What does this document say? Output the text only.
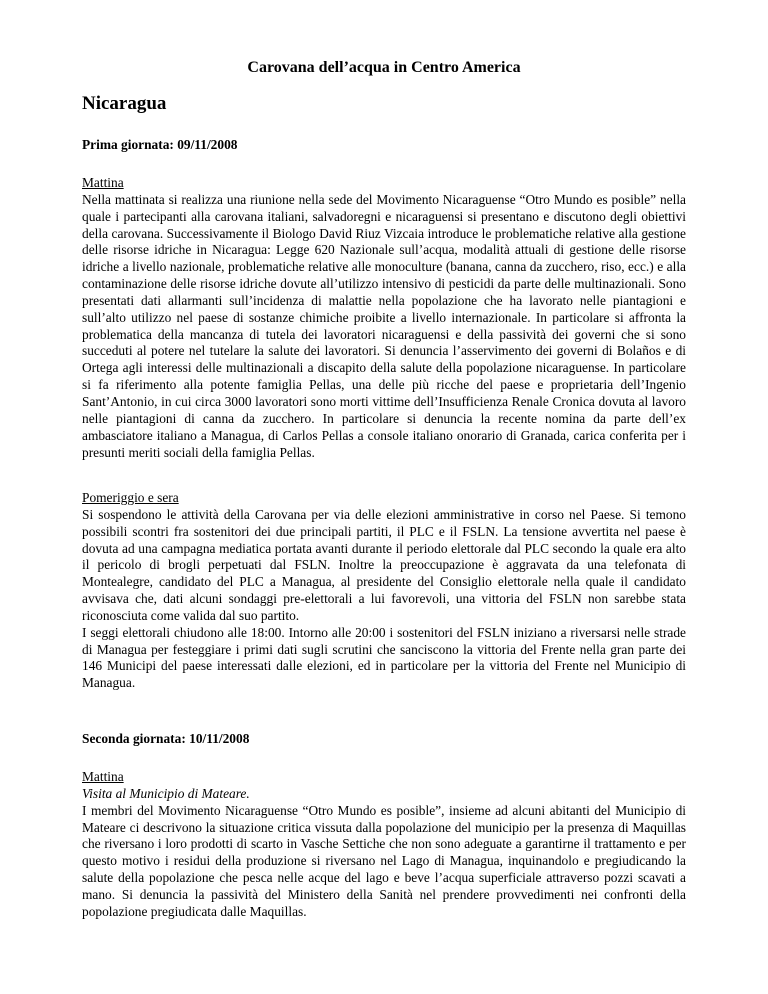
Carovana dell’acqua in Centro America
Nicaragua
Prima giornata: 09/11/2008

Mattina

Nella mattinata si realizza una riunione nella sede del Movimento Nicaraguense “Otro Mundo es posible” nella quale i partecipanti alla carovana italiani, salvadoregni e nicaraguensi si presentano e discutono degli obiettivi della carovana. Successivamente il Biologo David Riuz Vizcaia introduce le problematiche relative alla gestione delle risorse idriche in Nicaragua: Legge 620 Nazionale sull’acqua, modalità attuali di gestione delle risorse idriche a livello nazionale, problematiche relative alle monoculture (banana, canna da zucchero, riso, ecc.) e alla contaminazione delle risorse idriche dovute all’utilizzo intensivo di pesticidi da parte delle multinazionali. Sono presentati dati allarmanti sull’incidenza di malattie nella popolazione che ha lavorato nelle piantagioni e sull’alto utilizzo nel paese di sostanze chimiche proibite a livello internazionale. In particolare si affronta la problematica della mancanza di tutela dei lavoratori nicaraguensi e della passività dei governi che si sono succeduti al potere nel tutelare la salute dei lavoratori. Si denuncia l’asservimento dei governi di Bolaños e di Ortega agli interessi delle multinazionali a discapito della salute della popolazione nicaraguense. In particolare si fa riferimento alla potente famiglia Pellas, una delle più ricche del paese e proprietaria dell’Ingenio Sant’Antonio, in cui circa 3000 lavoratori sono morti vittime dell’Insufficienza Renale Cronica dovuta al lavoro nelle piantagioni di canna da zucchero. In particolare si denuncia la recente nomina da parte dell’ex ambasciatore italiano a Managua, di Carlos Pellas a console italiano onorario di Granada, carica conferita per i presunti meriti sociali della famiglia Pellas.

Pomeriggio e sera

Si sospendono le attività della Carovana per via delle elezioni amministrative in corso nel Paese. Si temono possibili scontri fra sostenitori dei due principali partiti, il PLC e il FSLN. La tensione avvertita nel paese è dovuta ad una campagna mediatica portata avanti durante il periodo elettorale dal PLC secondo la quale era alto il pericolo di brogli perpetuati dal FSLN. Inoltre la preoccupazione è aggravata da una telefonata di Montealegre, candidato del PLC a Managua, al presidente del Consiglio elettorale nella quale il candidato avvisava che, dati alcuni sondaggi pre-elettorali a lui favorevoli, una vittoria del FSLN non sarebbe stata riconosciuta come valida dal suo partito.

I seggi elettorali chiudono alle 18:00. Intorno alle 20:00 i sostenitori del FSLN iniziano a riversarsi nelle strade di Managua per festeggiare i primi dati sugli scrutini che sanciscono la vittoria del Frente nella gran parte dei 146 Municipi del paese interessati dalle elezioni, ed in particolare per la vittoria del Frente nel Municipio di Managua.

Seconda giornata: 10/11/2008

Mattina

Visita al Municipio di Mateare.

I membri del Movimento Nicaraguense “Otro Mundo es posible”, insieme ad alcuni abitanti del Municipio di Mateare ci descrivono la situazione critica vissuta dalla popolazione del municipio per la presenza di Maquillas che riversano i loro prodotti di scarto in Vasche Settiche che non sono adeguate a garantirne il trattamento e per questo motivo i residui della produzione si riversano nel Lago di Managua, inquinandolo e pregiudicando la salute della popolazione che pesca nelle acque del lago e beve l’acqua superficiale attraverso pozzi scavati a mano. Si denuncia la passività del Ministero della Sanità nel prendere provvedimenti nei confronti della popolazione pregiudicata dalle Maquillas.
